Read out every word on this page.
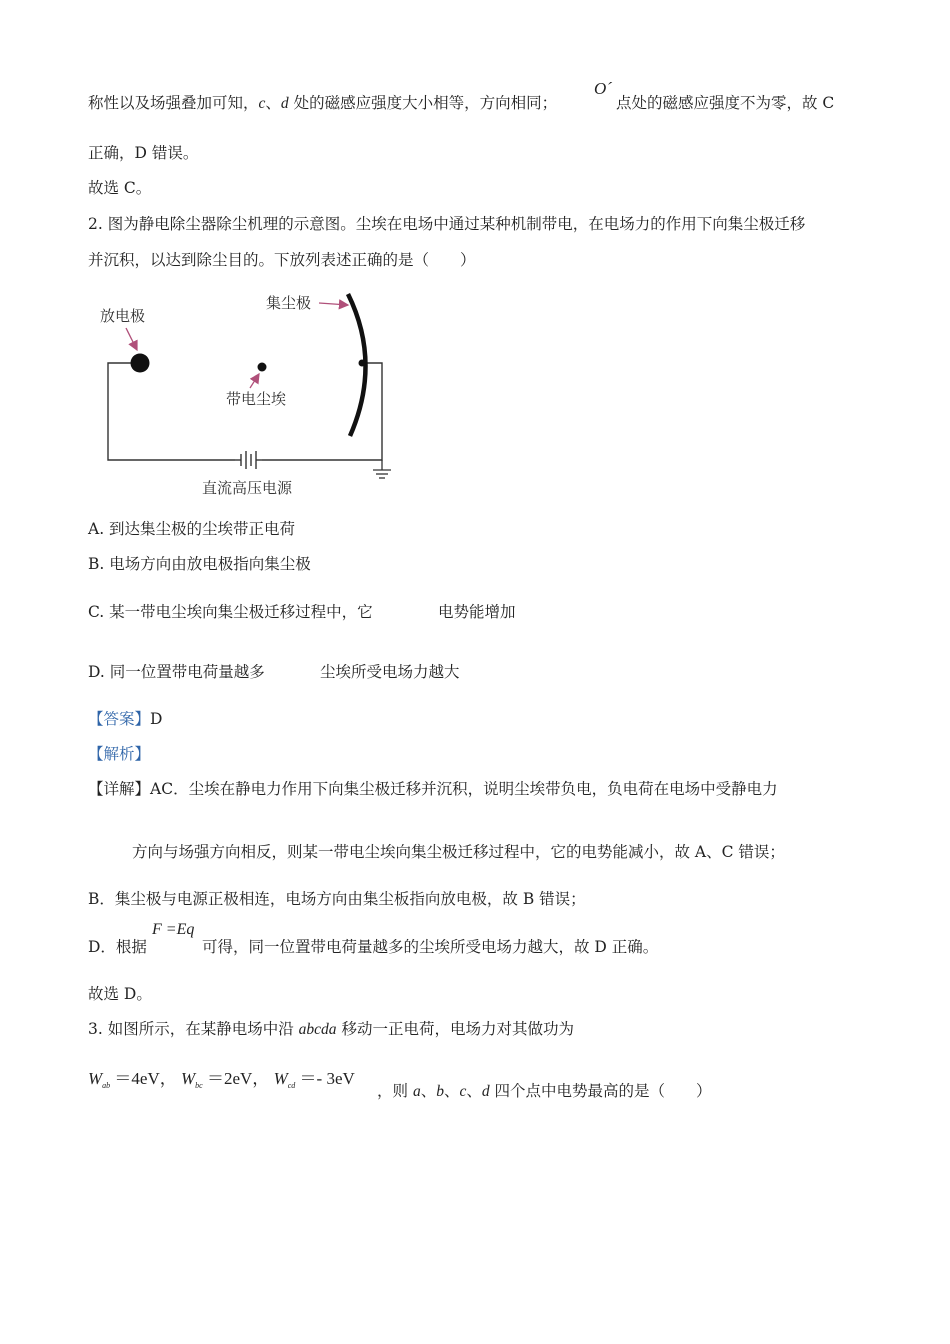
称性以及场强叠加可知，c、d 处的磁感应强度大小相等，方向相同；
O´
点处的磁感应强度不为零，故 C
正确，D 错误。
故选 C。
2. 图为静电除尘器除尘机理的示意图。尘埃在电场中通过某种机制带电，在电场力的作用下向集尘极迁移
并沉积，以达到除尘目的。下放列表述正确的是（　　）
放电极
集尘极
带电尘埃
直流高压电源
A. 到达集尘极的尘埃带正电荷
B. 电场方向由放电极指向集尘极
C. 某一带电尘埃向集尘极迁移过程中，它	电势能增加
D. 同一位置带电荷量越多	尘埃所受电场力越大
【答案】D
【解析】
【详解】AC．尘埃在静电力作用下向集尘极迁移并沉积，说明尘埃带负电，负电荷在电场中受静电力
方向与场强方向相反，则某一带电尘埃向集尘极迁移过程中，它的电势能减小，故 A、C 错误；
B．集尘极与电源正极相连，电场方向由集尘板指向放电极，故 B 错误；
D．根据
F =Eq
可得，同一位置带电荷量越多的尘埃所受电场力越大，故 D 正确。
故选 D。
3. 如图所示，在某静电场中沿 abcda 移动一正电荷，电场力对其做功为
$W_{ab} =4eV$， $W_{bc} =2eV$， $W_{cd} =- 3eV$
，则 a、b、c、d 四个点中电势最高的是（　　）
